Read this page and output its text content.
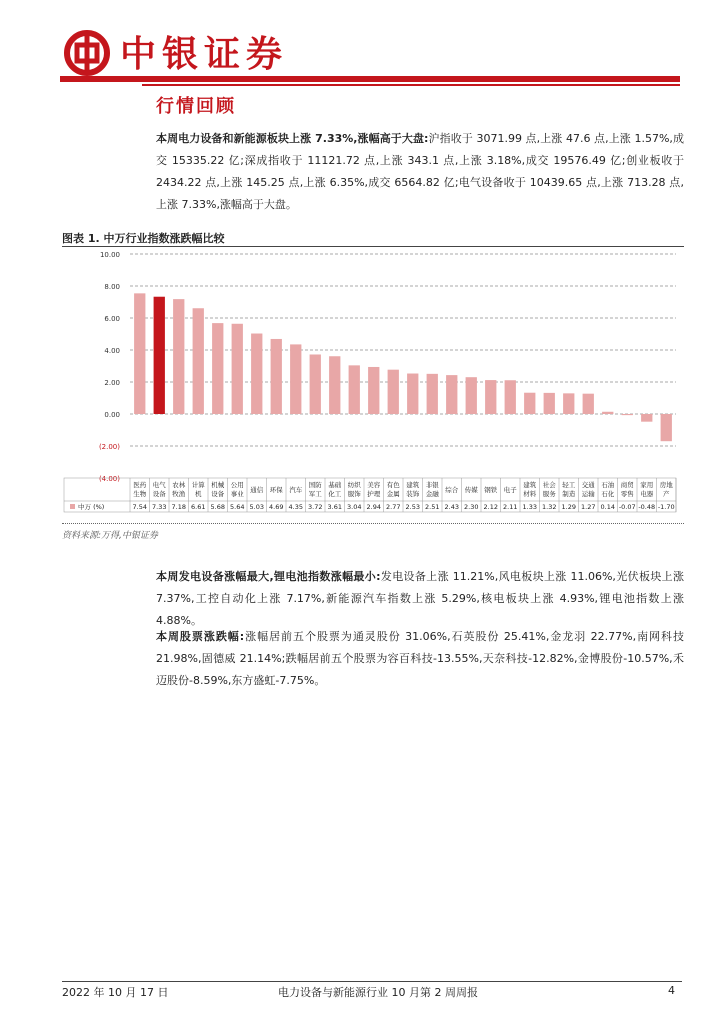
中银证券
行情回顾
本周电力设备和新能源板块上涨 7.33%,涨幅高于大盘:沪指收于 3071.99 点,上涨 47.6 点,上涨 1.57%,成交 15335.22 亿;深成指收于 11121.72 点,上涨 343.1 点,上涨 3.18%,成交 19576.49 亿;创业板收于 2434.22 点,上涨 145.25 点,上涨 6.35%,成交 6564.82 亿;电气设备收于 10439.65 点,上涨 713.28 点,上涨 7.33%,涨幅高于大盘。
图表 1. 中万行业指数涨跌幅比较
(4.00)
(2.00)
0.00
2.00
4.00
6.00
8.00
10.00
医药
生物
7.54
电气
设备
7.33
农林
牧渔
7.18
计算
机
6.61
机械
设备
5.68
公用
事业
5.64
通信
5.03
环保
4.69
汽车
4.35
国防
军工
3.72
基础
化工
3.61
纺织
服饰
3.04
美容
护理
2.94
有色
金属
2.77
建筑
装饰
2.53
非银
金融
2.51
综合
2.43
传媒
2.30
钢铁
2.12
电子
2.11
建筑
材料
1.33
社会
服务
1.32
轻工
制造
1.29
交通
运输
1.27
石油
石化
0.14
商贸
零售
-0.07
家用
电器
-0.48
房地
产
-1.70
中万 (%)
资料来源:万得,中银证券
本周发电设备涨幅最大,锂电池指数涨幅最小:发电设备上涨 11.21%,风电板块上涨 11.06%,光伏板块上涨 7.37%,工控自动化上涨 7.17%,新能源汽车指数上涨 5.29%,核电板块上涨 4.93%,锂电池指数上涨 4.88%。
本周股票涨跌幅:涨幅居前五个股票为通灵股份 31.06%,石英股份 25.41%,金龙羽 22.77%,南网科技 21.98%,固德威 21.14%;跌幅居前五个股票为容百科技-13.55%,天奈科技-12.82%,金博股份-10.57%,禾迈股份-8.59%,东方盛虹-7.75%。
2022 年 10 月 17 日	电力设备与新能源行业 10 月第 2 周周报	4
